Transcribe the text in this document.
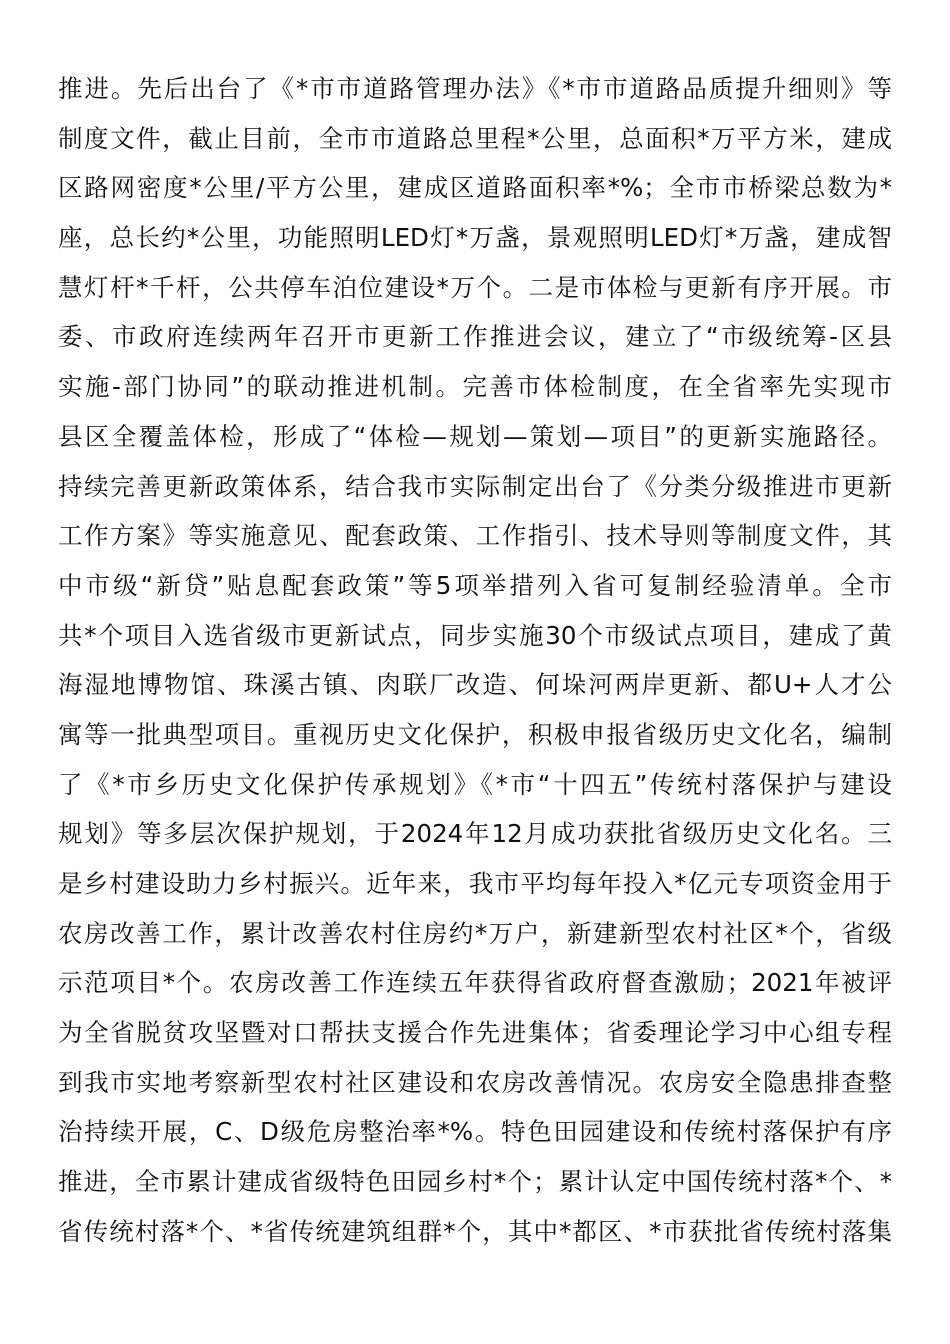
推进。先后出台了《*市市道路管理办法》《*市市道路品质提升细则》等
制度文件，截止目前，全市市道路总里程*公里，总面积*万平方米，建成
区路网密度*公里/平方公里，建成区道路面积率*%；全市市桥梁总数为*
座，总长约*公里，功能照明LED灯*万盏，景观照明LED灯*万盏，建成智
慧灯杆*千杆，公共停车泊位建设*万个。二是市体检与更新有序开展。市
委、市政府连续两年召开市更新工作推进会议，建立了“市级统筹-区县
实施-部门协同”的联动推进机制。完善市体检制度，在全省率先实现市
县区全覆盖体检，形成了“体检—规划—策划—项目”的更新实施路径。
持续完善更新政策体系，结合我市实际制定出台了《分类分级推进市更新
工作方案》等实施意见、配套政策、工作指引、技术导则等制度文件，其
中市级“新贷”贴息配套政策”等5项举措列入省可复制经验清单。全市
共*个项目入选省级市更新试点，同步实施30个市级试点项目，建成了黄
海湿地博物馆、珠溪古镇、肉联厂改造、何垛河两岸更新、都U+人才公
寓等一批典型项目。重视历史文化保护，积极申报省级历史文化名，编制
了《*市乡历史文化保护传承规划》《*市“十四五”传统村落保护与建设
规划》等多层次保护规划，于2024年12月成功获批省级历史文化名。三
是乡村建设助力乡村振兴。近年来，我市平均每年投入*亿元专项资金用于
农房改善工作，累计改善农村住房约*万户，新建新型农村社区*个，省级
示范项目*个。农房改善工作连续五年获得省政府督查激励；2021年被评
为全省脱贫攻坚暨对口帮扶支援合作先进集体；省委理论学习中心组专程
到我市实地考察新型农村社区建设和农房改善情况。农房安全隐患排查整
治持续开展，C、D级危房整治率*%。特色田园建设和传统村落保护有序
推进，全市累计建成省级特色田园乡村*个；累计认定中国传统村落*个、*
省传统村落*个、*省传统建筑组群*个，其中*都区、*市获批省传统村落集
